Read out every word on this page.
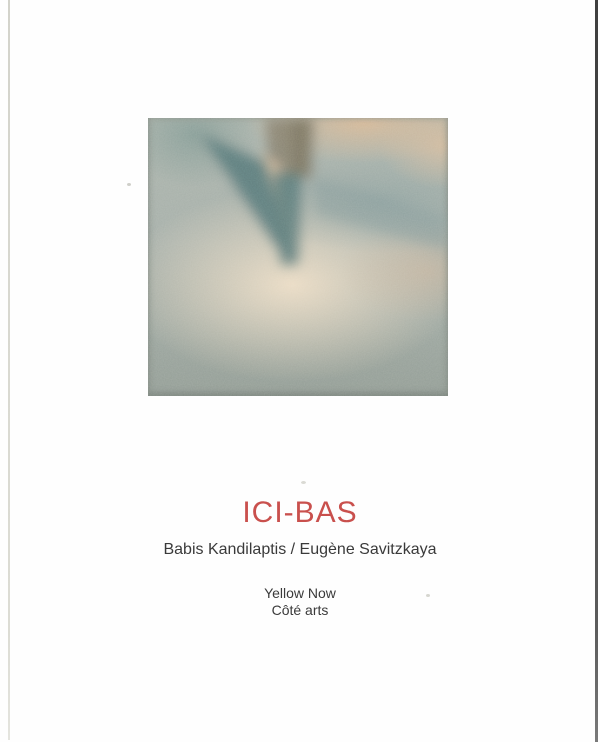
ICI-BAS
Babis Kandilaptis / Eugène Savitzkaya
Yellow Now
Côté arts
